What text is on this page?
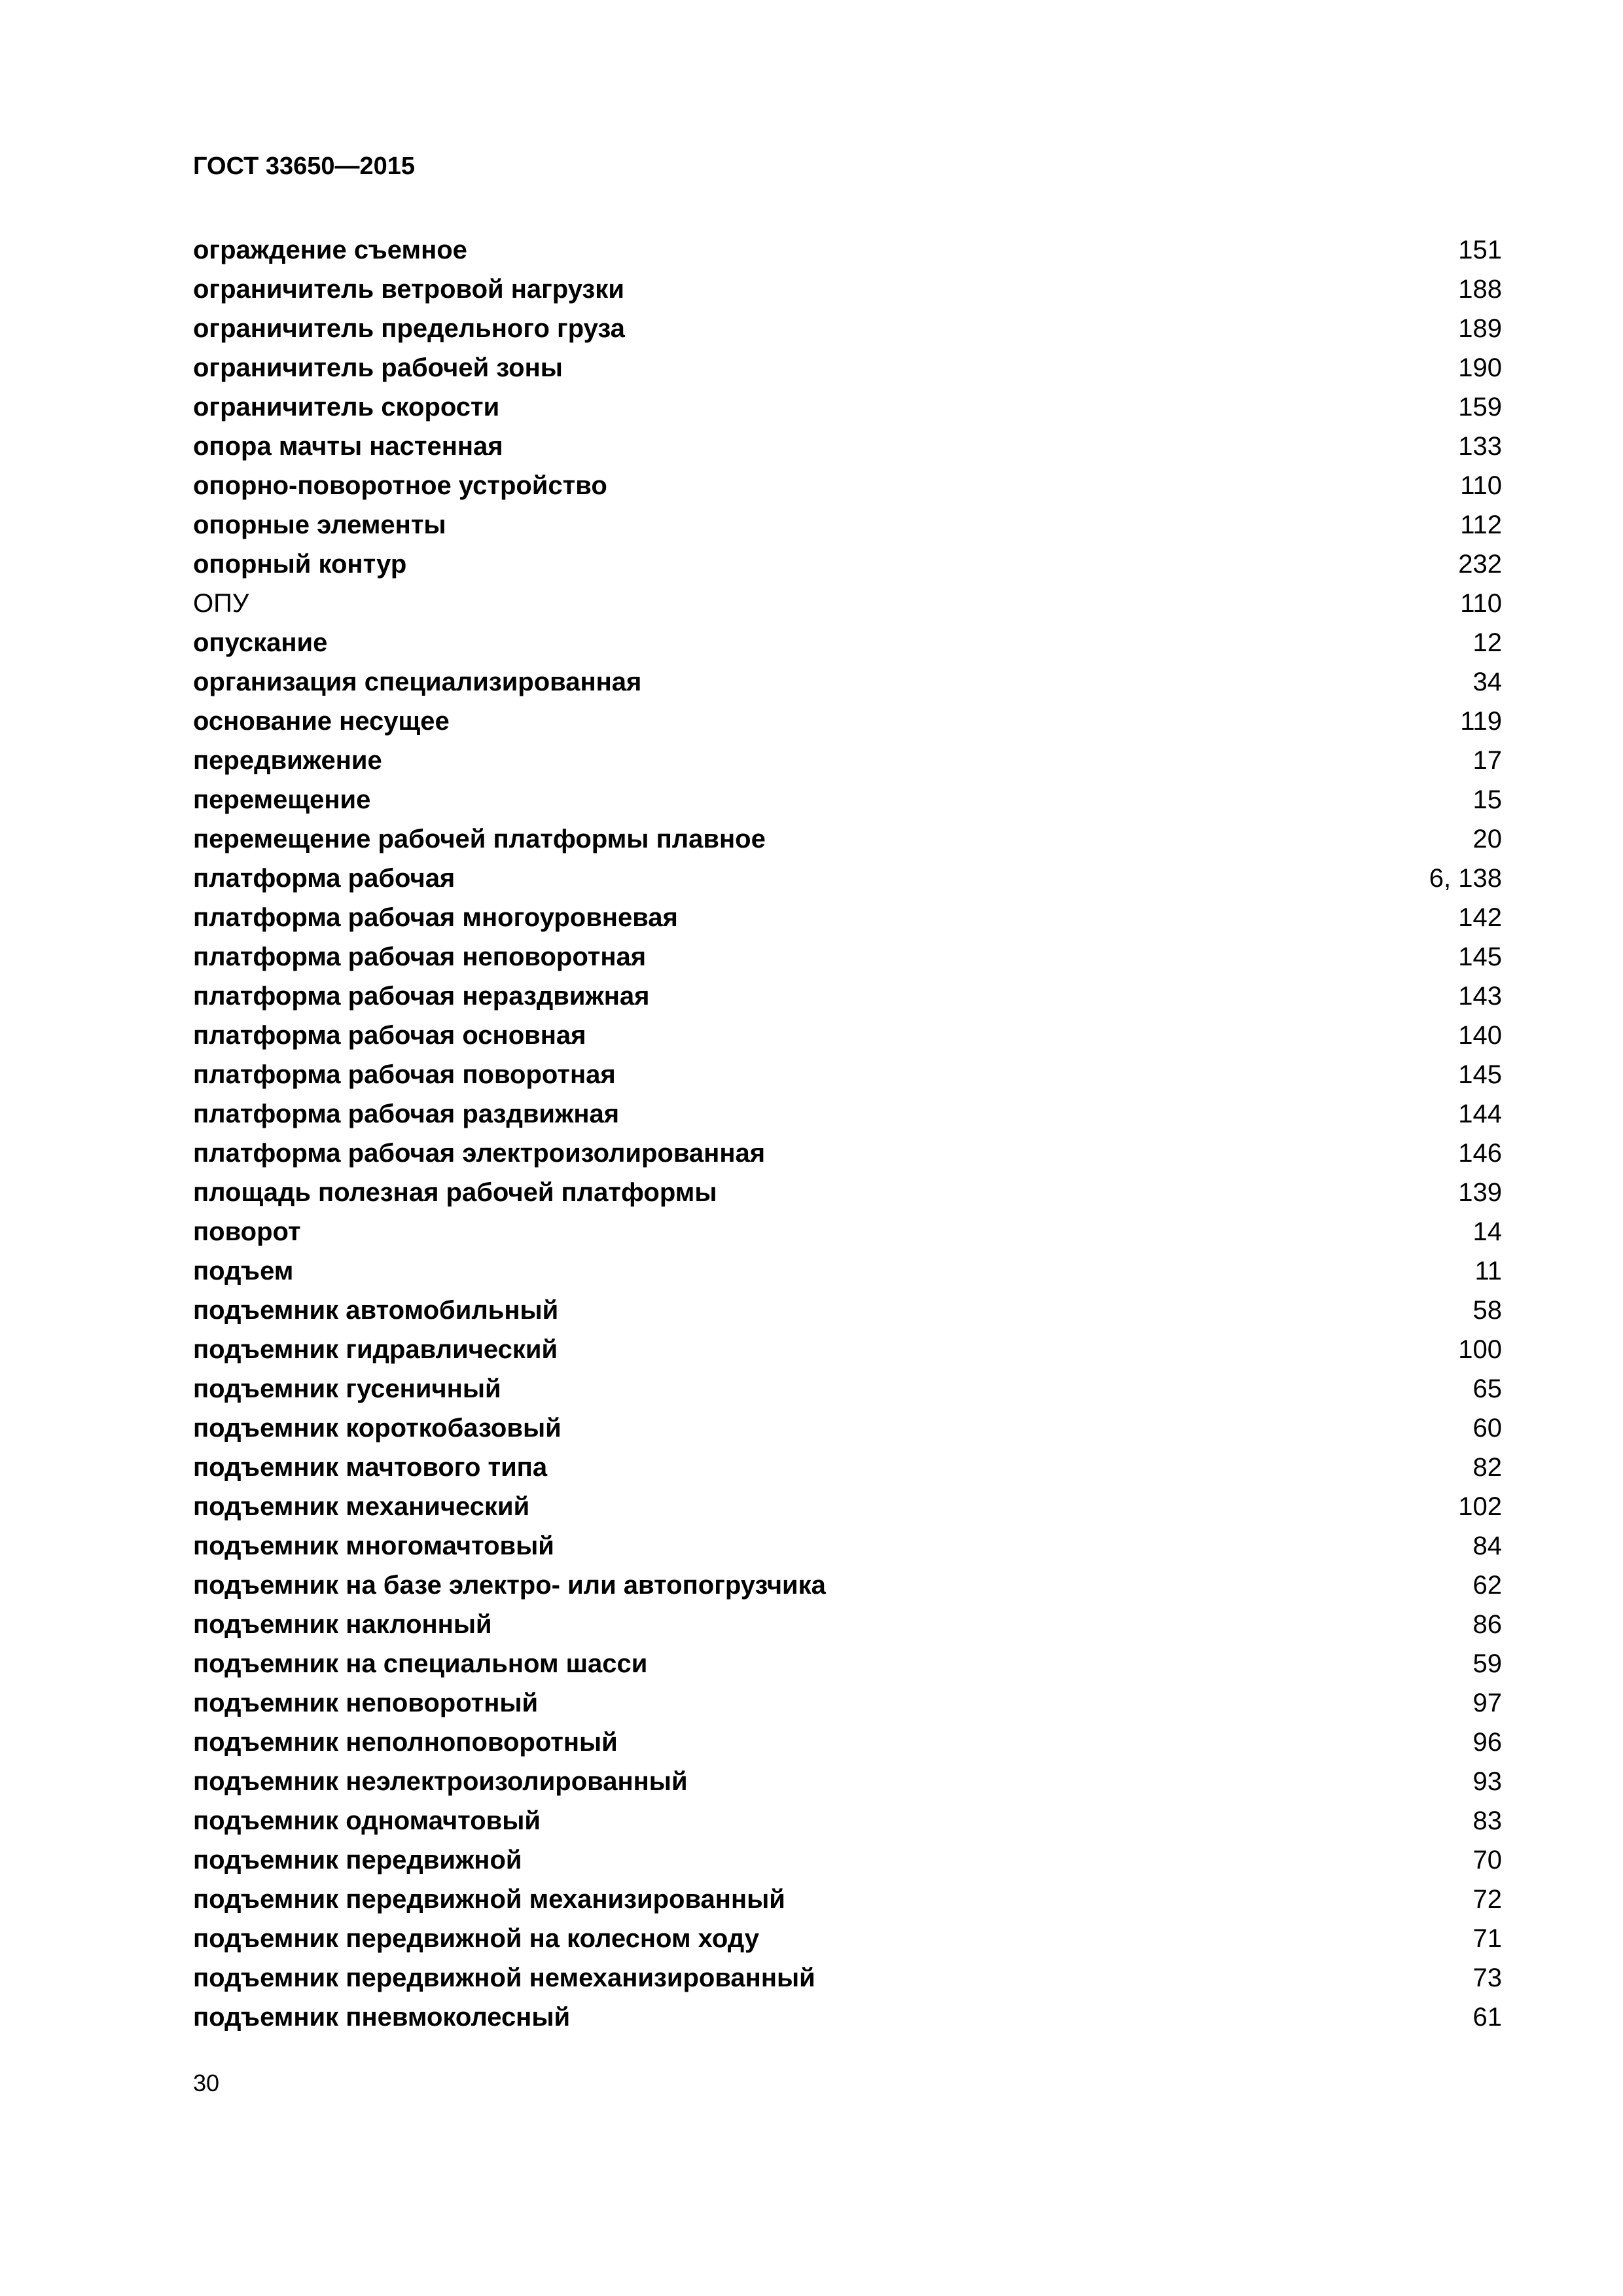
ГОСТ 33650—2015
ограждение съемное	151
ограничитель ветровой нагрузки	188
ограничитель предельного груза	189
ограничитель рабочей зоны	190
ограничитель скорости	159
опора мачты настенная	133
опорно-поворотное устройство	110
опорные элементы	112
опорный контур	232
ОПУ	110
опускание	12
организация специализированная	34
основание несущее	119
передвижение	17
перемещение	15
перемещение рабочей платформы плавное	20
платформа рабочая	6, 138
платформа рабочая многоуровневая	142
платформа рабочая неповоротная	145
платформа рабочая нераздвижная	143
платформа рабочая основная	140
платформа рабочая поворотная	145
платформа рабочая раздвижная	144
платформа рабочая электроизолированная	146
площадь полезная рабочей платформы	139
поворот	14
подъем	11
подъемник автомобильный	58
подъемник гидравлический	100
подъемник гусеничный	65
подъемник короткобазовый	60
подъемник мачтового типа	82
подъемник механический	102
подъемник многомачтовый	84
подъемник на базе электро- или автопогрузчика	62
подъемник наклонный	86
подъемник на специальном шасси	59
подъемник неповоротный	97
подъемник неполноповоротный	96
подъемник неэлектроизолированный	93
подъемник одномачтовый	83
подъемник передвижной	70
подъемник передвижной механизированный	72
подъемник передвижной на колесном ходу	71
подъемник передвижной немеханизированный	73
подъемник пневмоколесный	61
30
